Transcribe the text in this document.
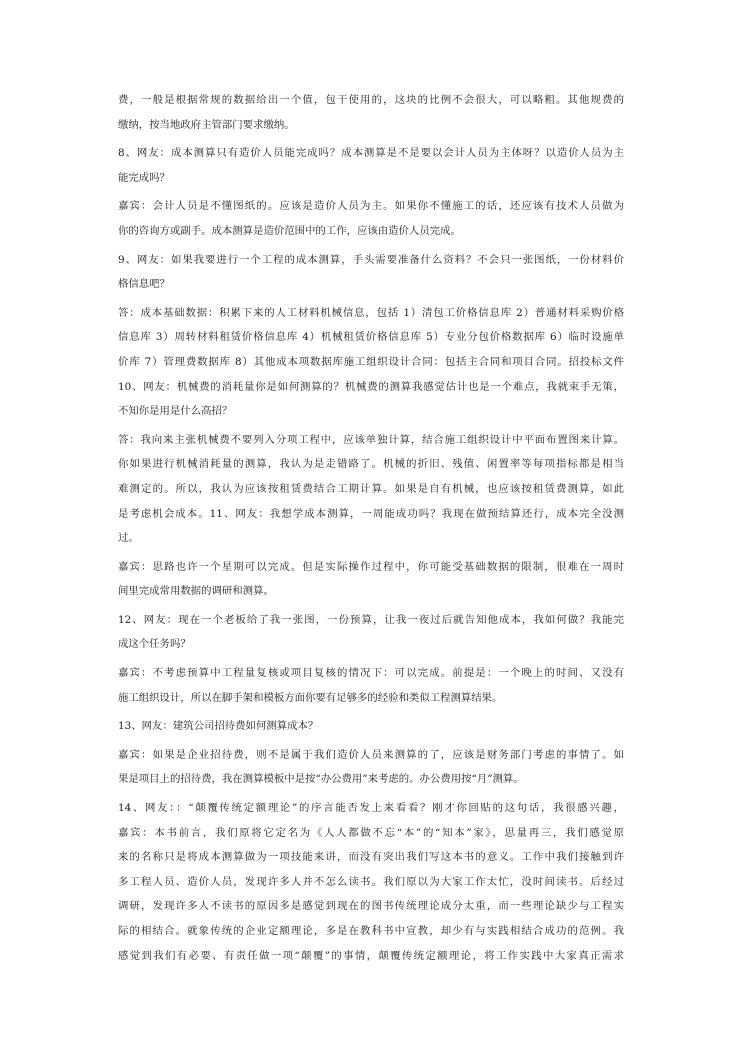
费，一般是根据常规的数据给出一个值，包干使用的，这块的比例不会很大，可以略粗。其他规费的
缴纳，按当地政府主管部门要求缴纳。
8、网友：成本测算只有造价人员能完成吗？成本测算是不是要以会计人员为主体呀？以造价人员为主
能完成吗？
嘉宾：会计人员是不懂图纸的。应该是造价人员为主。如果你不懂施工的话，还应该有技术人员做为
你的咨询方或副手。成本测算是造价范围中的工作，应该由造价人员完成。
9、网友：如果我要进行一个工程的成本测算，手头需要准备什么资料？不会只一张图纸，一份材料价
格信息吧？
答：成本基础数据：积累下来的人工材料机械信息，包括 1）清包工价格信息库 2）普通材料采购价格
信息库 3）周转材料租赁价格信息库 4）机械租赁价格信息库 5）专业分包价格数据库 6）临时设施单
价库 7）管理费数据库 8）其他成本项数据库施工组织设计合同：包括主合同和项目合同。招投标文件
10、网友：机械费的消耗量你是如何测算的？机械费的测算我感觉估计也是一个难点，我就束手无策，
不知你是用是什么高招？
答：我向来主张机械费不要列入分项工程中，应该单独计算，结合施工组织设计中平面布置图来计算。
你如果进行机械消耗量的测算，我认为是走错路了。机械的折旧、残值、闲置率等每项指标都是相当
难测定的。所以，我认为应该按租赁费结合工期计算。如果是自有机械，也应该按租赁费测算，如此
是考虑机会成本。11、网友：我想学成本测算，一周能成功吗？我现在做预结算还行，成本完全没测
过。
嘉宾：思路也许一个星期可以完成。但是实际操作过程中，你可能受基础数据的限制，很难在一周时
间里完成常用数据的调研和测算。
12、网友：现在一个老板给了我一张图，一份预算，让我一夜过后就告知他成本，我如何做？我能完
成这个任务吗？
嘉宾：不考虑预算中工程量复核或项目复核的情况下：可以完成。前提是：一个晚上的时间、又没有
施工组织设计，所以在脚手架和模板方面你要有足够多的经验和类似工程测算结果。
13、网友：建筑公司招待费如何测算成本？
嘉宾：如果是企业招待费，则不是属于我们造价人员来测算的了，应该是财务部门考虑的事情了。如
果是项目上的招待费，我在测算模板中是按“办公费用”来考虑的。办公费用按“月”测算。
14、网友：：“颠覆传统定额理论”的序言能否发上来看看？刚才你回贴的这句话，我很感兴趣，
嘉宾：本书前言，我们原将它定名为《人人都做不忘“本”的“知本”家》，思量再三，我们感觉原
来的名称只是将成本测算做为一项技能来讲，而没有突出我们写这本书的意义。工作中我们接触到许
多工程人员、造价人员，发现许多人并不怎么读书。我们原以为大家工作太忙，没时间读书。后经过
调研，发现许多人不读书的原因多是感觉到现在的图书传统理论成分太重，而一些理论缺少与工程实
际的相结合。就象传统的企业定额理论，多是在教科书中宣教，却少有与实践相结合成功的范例。我
感觉到我们有必要、有责任做一项“颠覆”的事情，颠覆传统定额理论，将工作实践中大家真正需求
